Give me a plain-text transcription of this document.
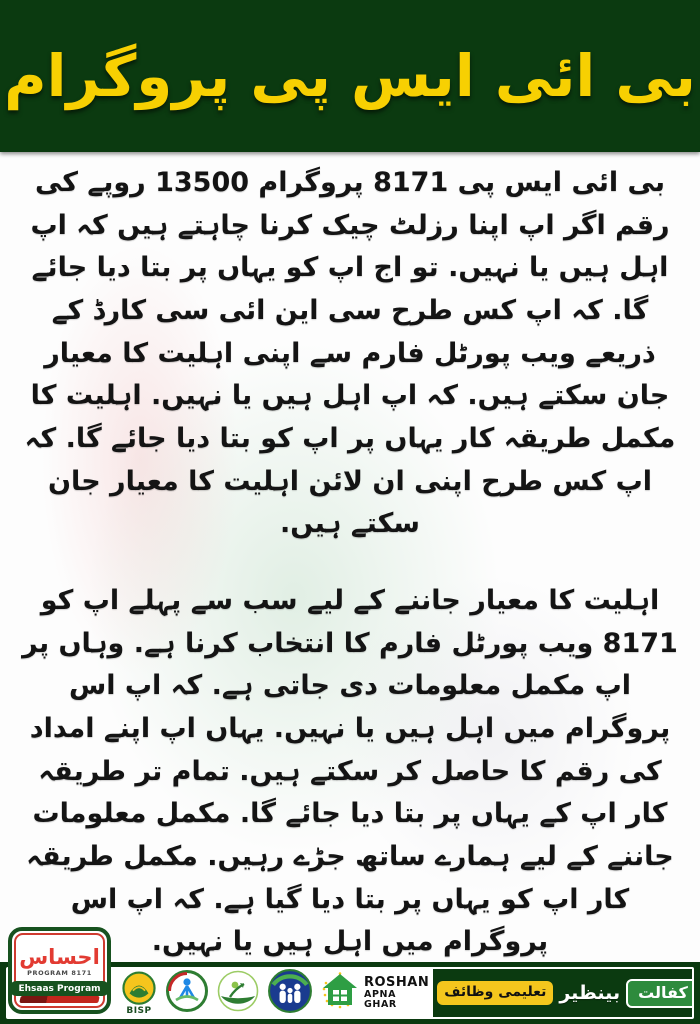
بی ائی ایس پی پروگرام

بی ائی ایس پی 8171 پروگرام 13500 روپے کی رقم اگر اپ اپنا رزلٹ چیک کرنا چاہتے ہیں کہ اپ اہل ہیں یا نہیں. تو اج اپ کو یہاں پر بتا دیا جائے گا. کہ اپ کس طرح سی این ائی سی کارڈ کے ذریعے ویب پورٹل فارم سے اپنی اہلیت کا معیار جان سکتے ہیں. کہ اپ اہل ہیں یا نہیں. اہلیت کا مکمل طریقہ کار یہاں پر اپ کو بتا دیا جائے گا. کہ اپ کس طرح اپنی ان لائن اہلیت کا معیار جان سکتے ہیں.

اہلیت کا معیار جاننے کے لیے سب سے پہلے اپ کو 8171 ویب پورٹل فارم کا انتخاب کرنا ہے. وہاں پر اپ مکمل معلومات دی جاتی ہے. کہ اپ اس پروگرام میں اہل ہیں یا نہیں. یہاں اپ اپنے امداد کی رقم کا حاصل کر سکتے ہیں. تمام تر طریقہ کار اپ کے یہاں پر بتا دیا جائے گا. مکمل معلومات جاننے کے لیے ہمارے ساتھ جڑے رہیں. مکمل طریقہ کار اپ کو یہاں پر بتا دیا گیا ہے. کہ اپ اس پروگرام میں اہل ہیں یا نہیں.

BISP
ROSHAN
APNA GHAR
کفالت
بینظیر
تعلیمی وظائف
احساس
PROGRAM 8171
Ehsaas Program
